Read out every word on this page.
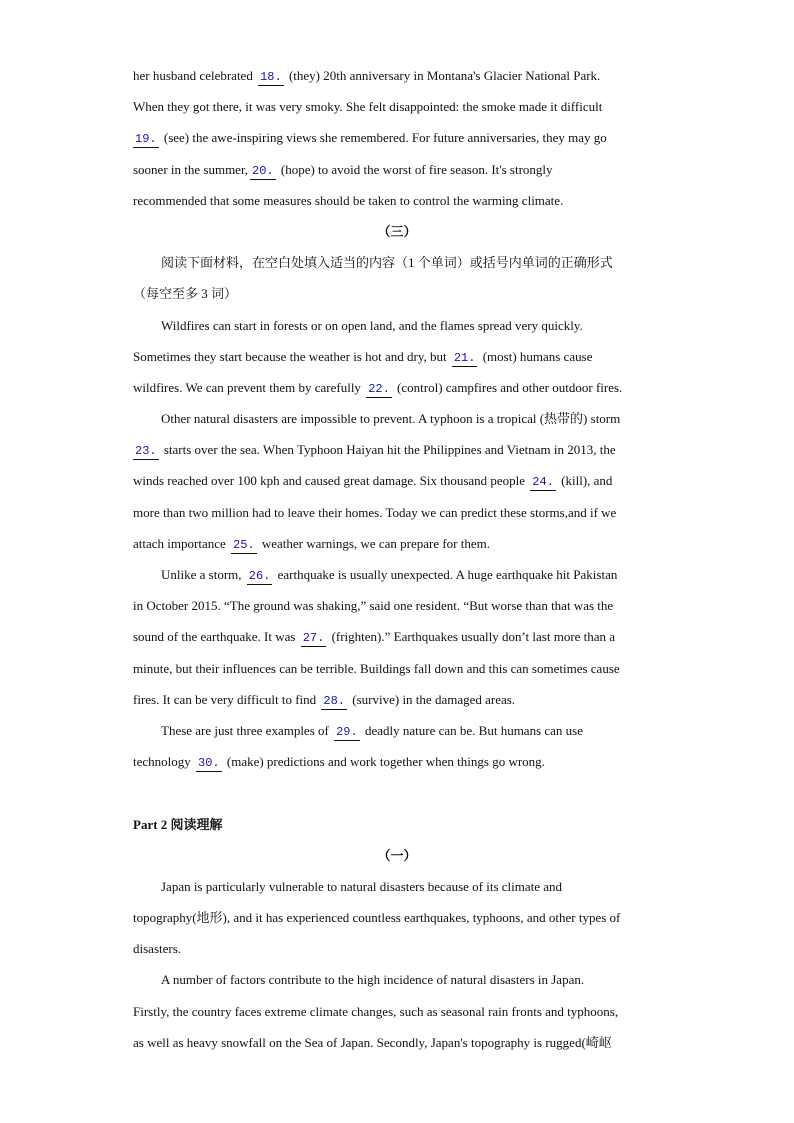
her husband celebrated 18. (they) 20th anniversary in Montana's Glacier National Park.
When they got there, it was very smoky. She felt disappointed: the smoke made it difficult
19. (see) the awe-inspiring views she remembered. For future anniversaries, they may go
sooner in the summer, 20. (hope) to avoid the worst of fire season. It's strongly
recommended that some measures should be taken to control the warming climate.
（三）
阅读下面材料，在空白处填入适当的内容（1 个单词）或括号内单词的正确形式
（每空至多 3 词）
Wildfires can start in forests or on open land, and the flames spread very quickly.
Sometimes they start because the weather is hot and dry, but 21. (most) humans cause
wildfires. We can prevent them by carefully 22. (control) campfires and other outdoor fires.
Other natural disasters are impossible to prevent. A typhoon is a tropical (热带的) storm
23. starts over the sea. When Typhoon Haiyan hit the Philippines and Vietnam in 2013, the
winds reached over 100 kph and caused great damage. Six thousand people 24. (kill), and
more than two million had to leave their homes. Today we can predict these storms,and if we
attach importance 25. weather warnings, we can prepare for them.
Unlike a storm, 26. earthquake is usually unexpected. A huge earthquake hit Pakistan
in October 2015. “The ground was shaking,” said one resident. “But worse than that was the
sound of the earthquake. It was 27. (frighten).” Earthquakes usually don’t last more than a
minute, but their influences can be terrible. Buildings fall down and this can sometimes cause
fires. It can be very difficult to find 28. (survive) in the damaged areas.
These are just three examples of 29. deadly nature can be. But humans can use
technology 30. (make) predictions and work together when things go wrong.
Part 2 阅读理解
（一）
Japan is particularly vulnerable to natural disasters because of its climate and
topography(地形), and it has experienced countless earthquakes, typhoons, and other types of
disasters.
A number of factors contribute to the high incidence of natural disasters in Japan.
Firstly, the country faces extreme climate changes, such as seasonal rain fronts and typhoons,
as well as heavy snowfall on the Sea of Japan. Secondly, Japan's topography is rugged(崎岖
